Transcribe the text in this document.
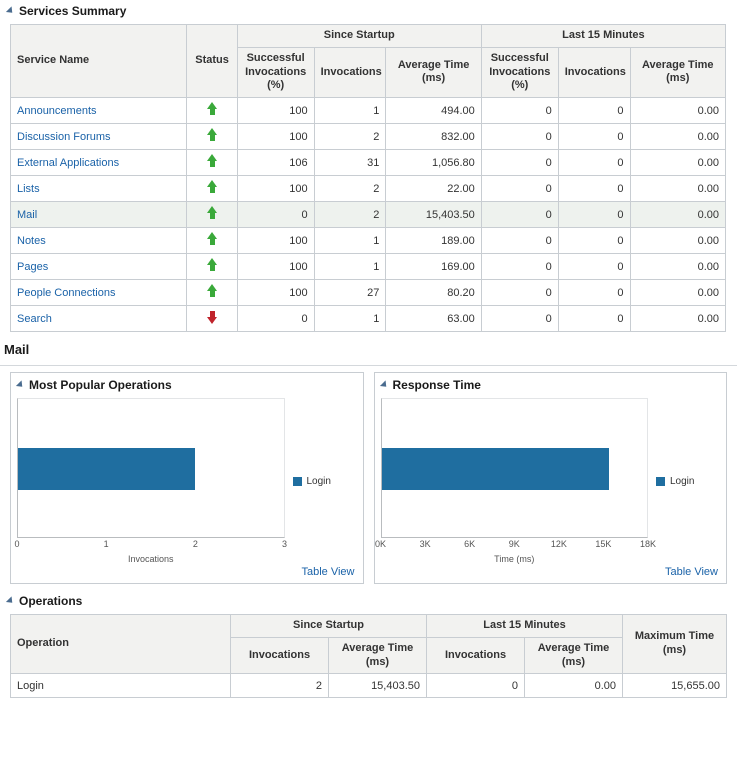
Services Summary
Service Name	Status	Since Startup			Last 15 Minutes		
		Successful Invocations (%)	Invocations	Average Time (ms)	Successful Invocations (%)	Invocations	Average Time (ms)
Announcements		100	1	494.00	0	0	0.00
Discussion Forums		100	2	832.00	0	0	0.00
External Applications		106	31	1,056.80	0	0	0.00
Lists		100	2	22.00	0	0	0.00
Mail		0	2	15,403.50	0	0	0.00
Notes		100	1	189.00	0	0	0.00
Pages		100	1	169.00	0	0	0.00
People Connections		100	27	80.20	0	0	0.00
Search		0	1	63.00	0	0	0.00
Mail
Most Popular Operations
0	1	2	3
Invocations
Login
Table View
Response Time
0K	3K	6K	9K	12K	15K	18K
Time (ms)
Login
Table View
Operations
Operation	Since Startup		Last 15 Minutes		Maximum Time (ms)
	Invocations	Average Time (ms)	Invocations	Average Time (ms)	
Login	2	15,403.50	0	0.00	15,655.00
